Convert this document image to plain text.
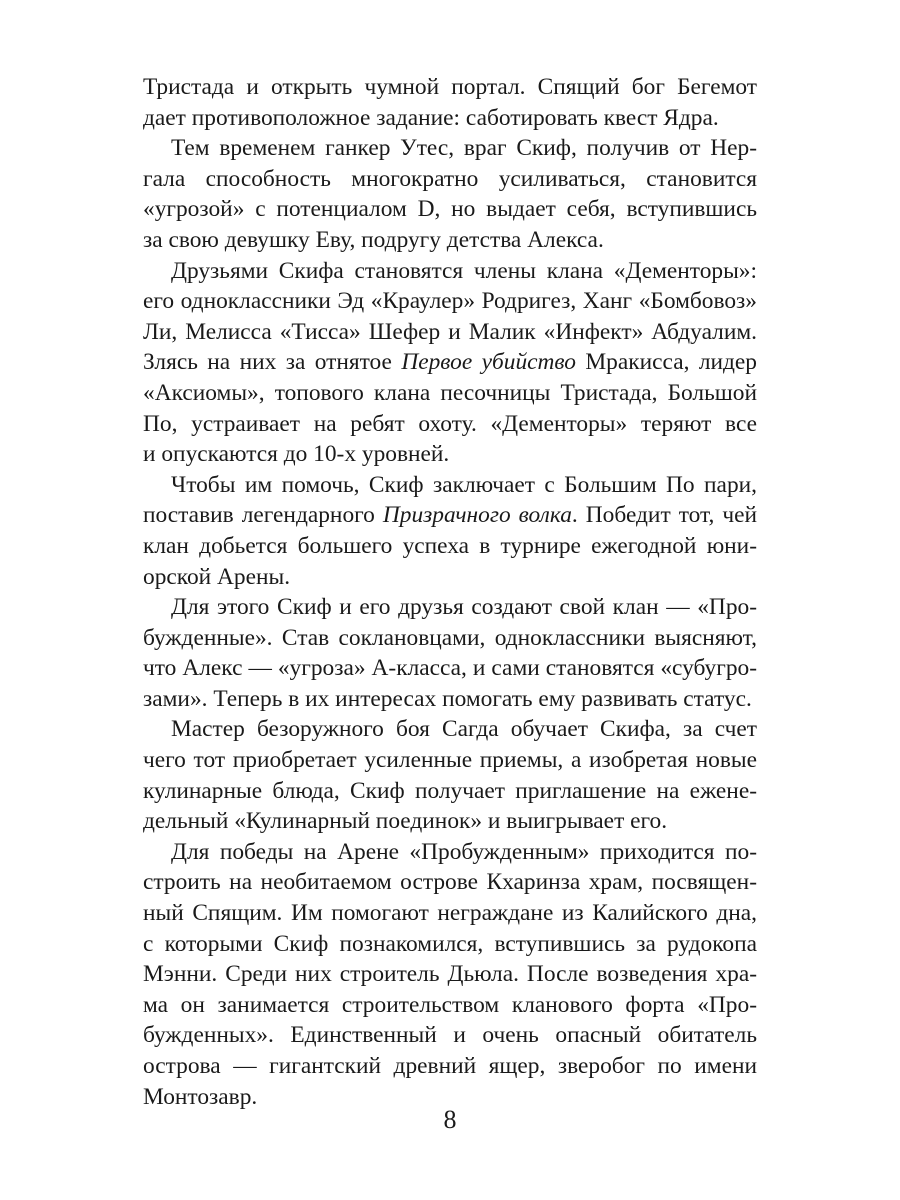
Тристада и открыть чумной портал. Спящий бог Бегемот
дает противоположное задание: саботировать квест Ядра.
Тем временем ганкер Утес, враг Скиф, получив от Нер-
гала способность многократно усиливаться, становится
«угрозой» с потенциалом D, но выдает себя, вступившись
за свою девушку Еву, подругу детства Алекса.
Друзьями Скифа становятся члены клана «Дементоры»:
его одноклассники Эд «Краулер» Родригез, Ханг «Бомбовоз»
Ли, Мелисса «Тисса» Шефер и Малик «Инфект» Абдуалим.
Злясь на них за отнятое Первое убийство Мракисса, лидер
«Аксиомы», топового клана песочницы Тристада, Большой
По, устраивает на ребят охоту. «Дементоры» теряют все
и опускаются до 10-х уровней.
Чтобы им помочь, Скиф заключает с Большим По пари,
поставив легендарного Призрачного волка. Победит тот, чей
клан добьется большего успеха в турнире ежегодной юни-
орской Арены.
Для этого Скиф и его друзья создают свой клан — «Про-
бужденные». Став соклановцами, одноклассники выясняют,
что Алекс — «угроза» А-класса, и сами становятся «субугро-
зами». Теперь в их интересах помогать ему развивать статус.
Мастер безоружного боя Сагда обучает Скифа, за счет
чего тот приобретает усиленные приемы, а изобретая новые
кулинарные блюда, Скиф получает приглашение на ежене-
дельный «Кулинарный поединок» и выигрывает его.
Для победы на Арене «Пробужденным» приходится по-
строить на необитаемом острове Кхаринза храм, посвящен-
ный Спящим. Им помогают неграждане из Калийского дна,
с которыми Скиф познакомился, вступившись за рудокопа
Мэнни. Среди них строитель Дьюла. После возведения хра-
ма он занимается строительством кланового форта «Про-
бужденных». Единственный и очень опасный обитатель
острова — гигантский древний ящер, зверобог по имени
Монтозавр.
8
